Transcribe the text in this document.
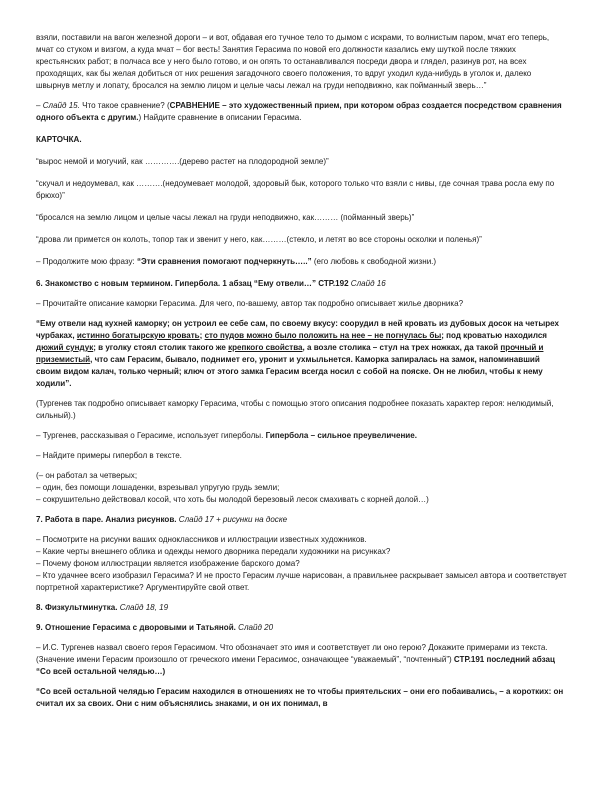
взяли, поставили на вагон железной дороги – и вот, обдавая его тучное тело то дымом с искрами, то волнистым паром, мчат его теперь, мчат со стуком и визгом, а куда мчат – бог весть! Занятия Герасима по новой его должности казались ему шуткой после тяжких крестьянских работ; в полчаса все у него было готово, и он опять то останавливался посреди двора и глядел, разинув рот, на всех проходящих, как бы желая добиться от них решения загадочного своего положения, то вдруг уходил куда-нибудь в уголок и, далеко швырнув метлу и лопату, бросался на землю лицом и целые часы лежал на груди неподвижно, как пойманный зверь…”

– Слайд 15. Что такое сравнение? (СРАВНЕНИЕ – это художественный прием, при котором образ создается посредством сравнения одного объекта с другим.) Найдите сравнение в описании Герасима.

КАРТОЧКА.

“вырос немой и могучий, как ………….(дерево растет на плодородной земле)”

“скучал и недоумевал, как ……….(недоумевает молодой, здоровый бык, которого только что взяли с нивы, где сочная трава росла ему по брюхо)”

“бросался на землю лицом и целые часы лежал на груди неподвижно, как……… (пойманный зверь)”

“дрова ли примется он колоть, топор так и звенит у него, как………(стекло, и летят во все стороны осколки и поленья)”

– Продолжите мою фразу: “Эти сравнения помогают подчеркнуть…..” (его любовь к свободной жизни.)

6. Знакомство с новым термином. Гипербола. 1 абзац “Ему отвели…” СТР.192 Слайд 16

– Прочитайте описание каморки Герасима. Для чего, по-вашему, автор так подробно описывает жилье дворника?

“Ему отвели над кухней каморку; он устроил ее себе сам, по своему вкусу: соорудил в ней кровать из дубовых досок на четырех чурбаках, истинно богатырскую кровать; сто пудов можно было положить на нее – не погнулась бы; под кроватью находился дюжий сундук; в уголку стоял столик такого же крепкого свойства, а возле столика – стул на трех ножках, да такой прочный и приземистый, что сам Герасим, бывало, поднимет его, уронит и ухмыльнется. Каморка запиралась на замок, напоминавший своим видом калач, только черный; ключ от этого замка Герасим всегда носил с собой на пояске. Он не любил, чтобы к нему ходили”.

(Тургенев так подробно описывает каморку Герасима, чтобы с помощью этого описания подробнее показать характер героя: нелюдимый, сильный).)

– Тургенев, рассказывая о Герасиме, использует гиперболы. Гипербола – сильное преувеличение.

– Найдите примеры гипербол в тексте.

(– он работал за четверых;

– один, без помощи лошаденки, взрезывал упругую грудь земли;

– сокрушительно действовал косой, что хоть бы молодой березовый лесок смахивать с корней долой…)

7. Работа в паре. Анализ рисунков. Слайд 17 + рисунки на доске

– Посмотрите на рисунки ваших одноклассников и иллюстрации известных художников.

– Какие черты внешнего облика и одежды немого дворника передали художники на рисунках?

– Почему фоном иллюстрации является изображение барского дома?

– Кто удачнее всего изобразил Герасима? И не просто Герасим лучше нарисован, а правильнее раскрывает замысел автора и соответствует портретной характеристике? Аргументируйте свой ответ.

8. Физкультминутка. Слайд 18, 19

9. Отношение Герасима с дворовыми и Татьяной. Слайд 20

– И.С. Тургенев назвал своего героя Герасимом. Что обозначает это имя и соответствует ли оно герою? Докажите примерами из текста. (Значение имени Герасим произошло от греческого имени Герасимос, означающее “уважаемый”, “почтенный”) СТР.191 последний абзац “Со всей остальной челядью…)

“Со всей остальной челядью Герасим находился в отношениях не то чтобы приятельских – они его побаивались, – а коротких: он считал их за своих. Они с ним объяснялись знаками, и он их понимал, в
